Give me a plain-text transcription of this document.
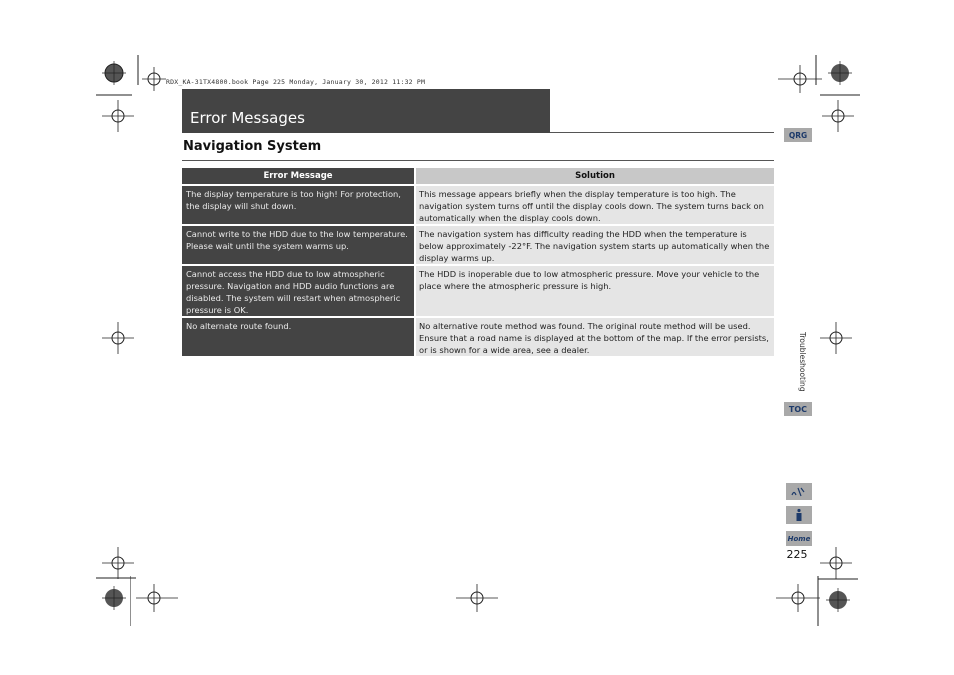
RDX_KA-31TX4800.book Page 225 Monday, January 30, 2012 11:32 PM
Error Messages
Navigation System
Error Message	Solution
The display temperature is too high! For protection, the display will shut down.
This message appears briefly when the display temperature is too high. The navigation system turns off until the display cools down. The system turns back on automatically when the display cools down.
Cannot write to the HDD due to the low temperature. Please wait until the system warms up.
The navigation system has difficulty reading the HDD when the temperature is below approximately -22°F. The navigation system starts up automatically when the display warms up.
Cannot access the HDD due to low atmospheric pressure. Navigation and HDD audio functions are disabled. The system will restart when atmospheric pressure is OK.
The HDD is inoperable due to low atmospheric pressure. Move your vehicle to the place where the atmospheric pressure is high.
No alternate route found.	No alternative route method was found. The original route method will be used. Ensure that a road name is displayed at the bottom of the map. If the error persists, or is shown for a wide area, see a dealer.
QRG
Troubleshooting
TOC
Home
225
